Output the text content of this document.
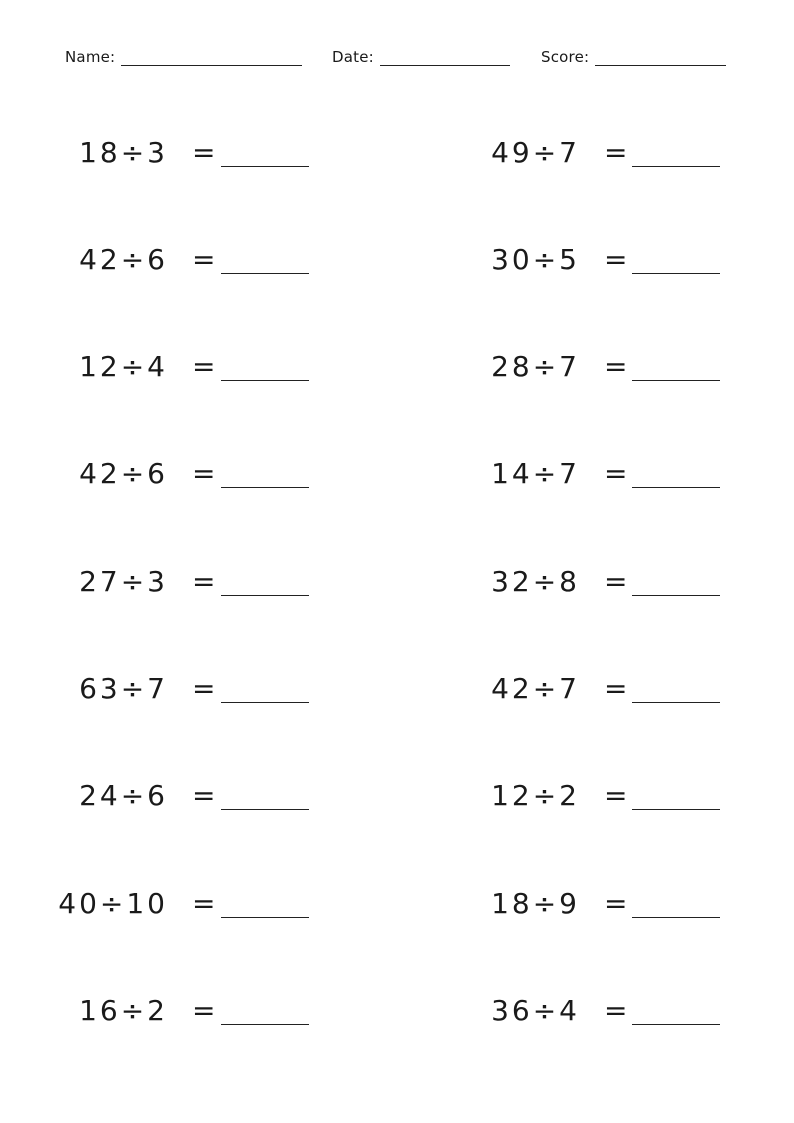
Name:	Date:	Score:
18÷3 =
42÷6 =
12÷4 =
42÷6 =
27÷3 =
63÷7 =
24÷6 =
40÷10 =
16÷2 =
49÷7 =
30÷5 =
28÷7 =
14÷7 =
32÷8 =
42÷7 =
12÷2 =
18÷9 =
36÷4 =
